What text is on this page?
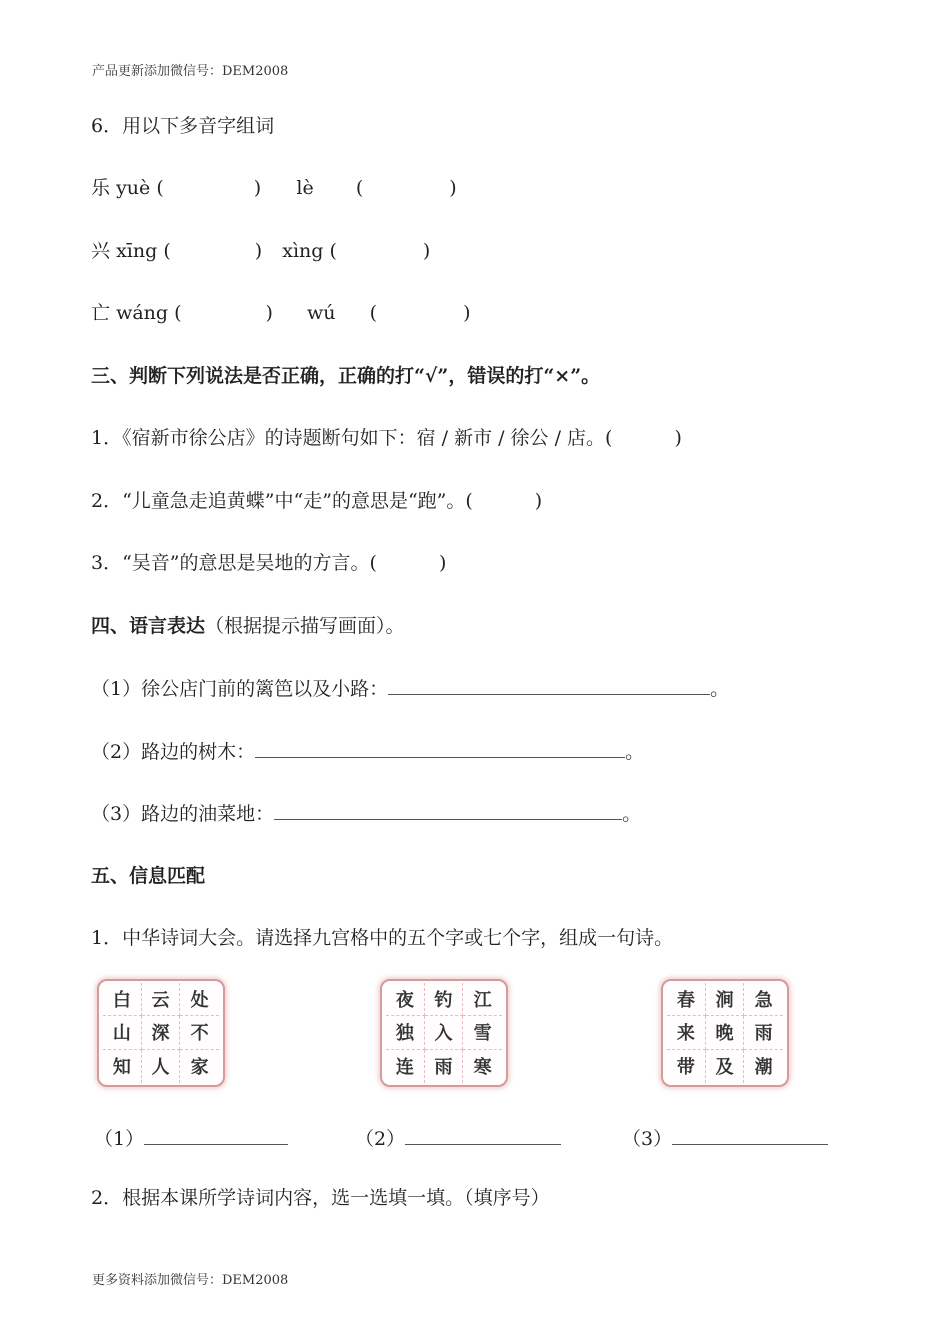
产品更新添加微信号：DEM2008
6．用以下多音字组词
乐 yuè (	) lè (	)
兴 xīng (	) xìng (	)
亡 wáng (	) wú (	)
三、判断下列说法是否正确，正确的打“√”，错误的打“×”。
1．《宿新市徐公店》的诗题断句如下：宿 / 新市 / 徐公 / 店。(	)
2．“儿童急走追黄蝶”中“走”的意思是“跑”。(	)
3．“吴音”的意思是吴地的方言。(	)
四、语言表达（根据提示描写画面）。
（1）徐公店门前的篱笆以及小路：	。
（2）路边的树木：	。
（3）路边的油菜地：	。
五、信息匹配
1．中华诗词大会。请选择九宫格中的五个字或七个字，组成一句诗。
白	云	处
山	深	不
知	人	家
夜	钓	江
独	入	雪
连	雨	寒
春	涧	急
来	晚	雨
带	及	潮
（1）	（2）	（3）
2．根据本课所学诗词内容，选一选填一填。（填序号）
更多资料添加微信号：DEM2008
